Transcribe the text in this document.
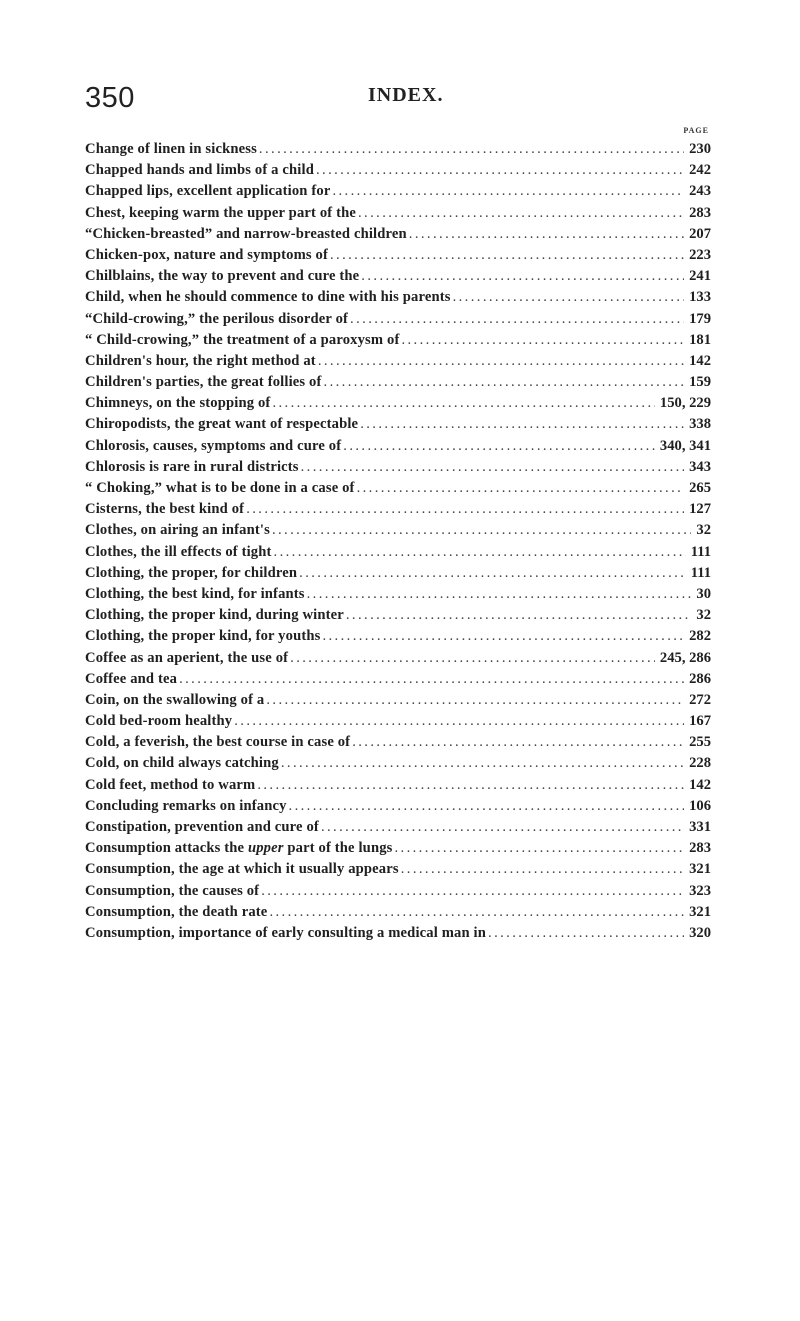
350	INDEX.
PAGE
Change of linen in sickness .....	230
Chapped hands and limbs of a child .....	242
Chapped lips, excellent application for .....	243
Chest, keeping warm the upper part of the .....	283
“Chicken-breasted” and narrow-breasted children .....	207
Chicken-pox, nature and symptoms of .....	223
Chilblains, the way to prevent and cure the .....	241
Child, when he should commence to dine with his parents .....	133
“Child-crowing,” the perilous disorder of .....	179
“ Child-crowing,” the treatment of a paroxysm of .....	181
Children's hour, the right method at .....	142
Children's parties, the great follies of .....	159
Chimneys, on the stopping of .....	150, 229
Chiropodists, the great want of respectable .....	338
Chlorosis, causes, symptoms and cure of .....	340, 341
Chlorosis is rare in rural districts .....	343
“ Choking,” what is to be done in a case of .....	265
Cisterns, the best kind of .....	127
Clothes, on airing an infant's .....	32
Clothes, the ill effects of tight .....	111
Clothing, the proper, for children .....	111
Clothing, the best kind, for infants .....	30
Clothing, the proper kind, during winter .....	32
Clothing, the proper kind, for youths .....	282
Coffee as an aperient, the use of .....	245, 286
Coffee and tea .....	286
Coin, on the swallowing of a .....	272
Cold bed-room healthy .....	167
Cold, a feverish, the best course in case of .....	255
Cold, on child always catching .....	228
Cold feet, method to warm .....	142
Concluding remarks on infancy .....	106
Constipation, prevention and cure of .....	331
Consumption attacks the upper part of the lungs .....	283
Consumption, the age at which it usually appears .....	321
Consumption, the causes of .....	323
Consumption, the death rate .....	321
Consumption, importance of early consulting a medical man in .....	320
